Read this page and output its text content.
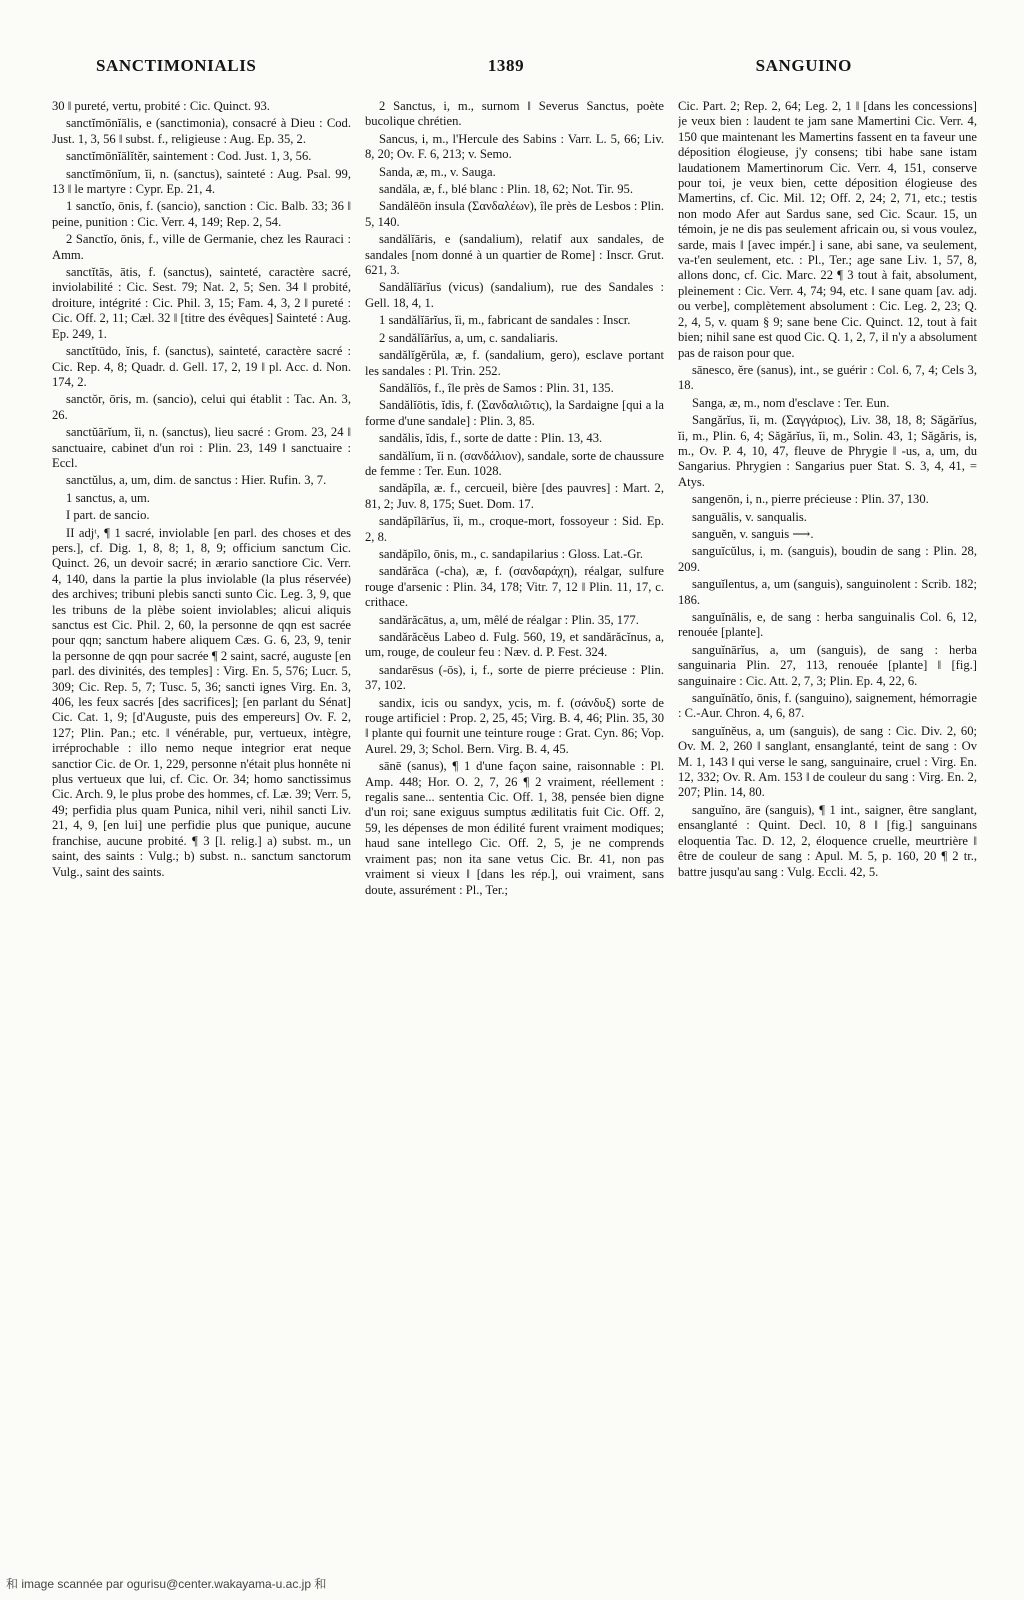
SANCTIMONIALIS	1389	SANGUINO

30 ‖ pureté, vertu, probité : Cic. Quinct. 93.

sanctĭmōnĭālis, e (sanctimonia), consacré à Dieu : Cod. Just. 1, 3, 56 ‖ subst. f., religieuse : Aug. Ep. 35, 2.

sanctĭmōnĭālĭtĕr, saintement : Cod. Just. 1, 3, 56.

sanctĭmōnĭum, ĭi, n. (sanctus), sainteté : Aug. Psal. 99, 13 ‖ le martyre : Cypr. Ep. 21, 4.

1 sanctĭo, ōnis, f. (sancio), sanction : Cic. Balb. 33; 36 ‖ peine, punition : Cic. Verr. 4, 149; Rep. 2, 54.

2 Sanctĭo, ōnis, f., ville de Germanie, chez les Rauraci : Amm.

sanctĭtās, ātis, f. (sanctus), sainteté, caractère sacré, inviolabilité : Cic. Sest. 79; Nat. 2, 5; Sen. 34 ‖ probité, droiture, intégrité : Cic. Phil. 3, 15; Fam. 4, 3, 2 ‖ pureté : Cic. Off. 2, 11; Cæl. 32 ‖ [titre des évêques] Sainteté : Aug. Ep. 249, 1.

sanctĭtūdo, ĭnis, f. (sanctus), sainteté, caractère sacré : Cic. Rep. 4, 8; Quadr. d. Gell. 17, 2, 19 ‖ pl. Acc. d. Non. 174, 2.

sanctŏr, ōris, m. (sancio), celui qui établit : Tac. An. 3, 26.

sanctŭārĭum, ĭi, n. (sanctus), lieu sacré : Grom. 23, 24 ‖ sanctuaire, cabinet d'un roi : Plin. 23, 149 ‖ sanctuaire : Eccl.

sanctŭlus, a, um, dim. de sanctus : Hier. Rufin. 3, 7.

1 sanctus, a, um.

I part. de sancio.

II adjᵗ, ¶ 1 sacré, inviolable [en parl. des choses et des pers.], cf. Dig. 1, 8, 8; 1, 8, 9; officium sanctum Cic. Quinct. 26, un devoir sacré; in ærario sanctiore Cic. Verr. 4, 140, dans la partie la plus inviolable (la plus réservée) des archives; tribuni plebis sancti sunto Cic. Leg. 3, 9, que les tribuns de la plèbe soient inviolables; alicui aliquis sanctus est Cic. Phil. 2, 60, la personne de qqn est sacrée pour qqn; sanctum habere aliquem Cæs. G. 6, 23, 9, tenir la personne de qqn pour sacrée ¶ 2 saint, sacré, auguste [en parl. des divinités, des temples] : Virg. En. 5, 576; Lucr. 5, 309; Cic. Rep. 5, 7; Tusc. 5, 36; sancti ignes Virg. En. 3, 406, les feux sacrés [des sacrifices]; [en parlant du Sénat] Cic. Cat. 1, 9; [d'Auguste, puis des empereurs] Ov. F. 2, 127; Plin. Pan.; etc. ‖ vénérable, pur, vertueux, intègre, irréprochable : illo nemo neque integrior erat neque sanctior Cic. de Or. 1, 229, personne n'était plus honnête ni plus vertueux que lui, cf. Cic. Or. 34; homo sanctissimus Cic. Arch. 9, le plus probe des hommes, cf. Læ. 39; Verr. 5, 49; perfidia plus quam Punica, nihil veri, nihil sancti Liv. 21, 4, 9, [en lui] une perfidie plus que punique, aucune franchise, aucune probité. ¶ 3 [l. relig.] a) subst. m., un saint, des saints : Vulg.; b) subst. n.. sanctum sanctorum Vulg., saint des saints.

2 Sanctus, i, m., surnom ‖ Severus Sanctus, poète bucolique chrétien.

Sancus, i, m., l'Hercule des Sabins : Varr. L. 5, 66; Liv. 8, 20; Ov. F. 6, 213; v. Semo.

Sanda, æ, m., v. Sauga.

sandăla, æ, f., blé blanc : Plin. 18, 62; Not. Tir. 95.

Sandălēōn insula (Σανδαλέων), île près de Lesbos : Plin. 5, 140.

sandălĭāris, e (sandalium), relatif aux sandales, de sandales [nom donné à un quartier de Rome] : Inscr. Grut. 621, 3.

Sandălĭārĭus (vicus) (sandalium), rue des Sandales : Gell. 18, 4, 1.

1 sandălĭārĭus, ĭi, m., fabricant de sandales : Inscr.

2 sandălĭārĭus, a, um, c. sandaliaris.

sandălĭgĕrŭla, æ, f. (sandalium, gero), esclave portant les sandales : Pl. Trin. 252.

Sandălĭōs, f., île près de Samos : Plin. 31, 135.

Sandălĭōtis, ĭdis, f. (Σανδαλιῶτις), la Sardaigne [qui a la forme d'une sandale] : Plin. 3, 85.

sandălis, ĭdis, f., sorte de datte : Plin. 13, 43.

sandălĭum, ĭi n. (σανδάλιον), sandale, sorte de chaussure de femme : Ter. Eun. 1028.

sandăpĭla, æ. f., cercueil, bière [des pauvres] : Mart. 2, 81, 2; Juv. 8, 175; Suet. Dom. 17.

sandăpĭlārĭus, ĭi, m., croque-mort, fossoyeur : Sid. Ep. 2, 8.

sandăpĭlo, ōnis, m., c. sandapilarius : Gloss. Lat.-Gr.

sandărăca (-cha), æ, f. (σανδαράχη), réalgar, sulfure rouge d'arsenic : Plin. 34, 178; Vitr. 7, 12 ‖ Plin. 11, 17, c. crithace.

sandărăcātus, a, um, mêlé de réalgar : Plin. 35, 177.

sandărăcĕus Labeo d. Fulg. 560, 19, et sandărăcĭnus, a, um, rouge, de couleur feu : Næv. d. P. Fest. 324.

sandarēsus (-ōs), i, f., sorte de pierre précieuse : Plin. 37, 102.

sandix, icis ou sandyx, ycis, m. f. (σάνδυξ) sorte de rouge artificiel : Prop. 2, 25, 45; Virg. B. 4, 46; Plin. 35, 30 ‖ plante qui fournit une teinture rouge : Grat. Cyn. 86; Vop. Aurel. 29, 3; Schol. Bern. Virg. B. 4, 45.

sānē (sanus), ¶ 1 d'une façon saine, raisonnable : Pl. Amp. 448; Hor. O. 2, 7, 26 ¶ 2 vraiment, réellement : regalis sane... sententia Cic. Off. 1, 38, pensée bien digne d'un roi; sane exiguus sumptus ædilitatis fuit Cic. Off. 2, 59, les dépenses de mon édilité furent vraiment modiques; haud sane intellego Cic. Off. 2, 5, je ne comprends vraiment pas; non ita sane vetus Cic. Br. 41, non pas vraiment si vieux ‖ [dans les rép.], oui vraiment, sans doute, assurément : Pl., Ter.;

Cic. Part. 2; Rep. 2, 64; Leg. 2, 1 ‖ [dans les concessions] je veux bien : laudent te jam sane Mamertini Cic. Verr. 4, 150 que maintenant les Mamertins fassent en ta faveur une déposition élogieuse, j'y consens; tibi habe sane istam laudationem Mamertinorum Cic. Verr. 4, 151, conserve pour toi, je veux bien, cette déposition élogieuse des Mamertins, cf. Cic. Mil. 12; Off. 2, 24; 2, 71, etc.; testis non modo Afer aut Sardus sane, sed Cic. Scaur. 15, un témoin, je ne dis pas seulement africain ou, si vous voulez, sarde, mais ‖ [avec impér.] i sane, abi sane, va seulement, va-t'en seulement, etc. : Pl., Ter.; age sane Liv. 1, 57, 8, allons donc, cf. Cic. Marc. 22 ¶ 3 tout à fait, absolument, pleinement : Cic. Verr. 4, 74; 94, etc. ‖ sane quam [av. adj. ou verbe], complètement absolument : Cic. Leg. 2, 23; Q. 2, 4, 5, v. quam § 9; sane bene Cic. Quinct. 12, tout à fait bien; nihil sane est quod Cic. Q. 1, 2, 7, il n'y a absolument pas de raison pour que.

sānesco, ĕre (sanus), int., se guérir : Col. 6, 7, 4; Cels 3, 18.

Sanga, æ, m., nom d'esclave : Ter. Eun.

Sangărĭus, ĭi, m. (Σαγγάριος), Liv. 38, 18, 8; Săgărĭus, ĭi, m., Plin. 6, 4; Săgărĭus, ĭi, m., Solin. 43, 1; Săgăris, is, m., Ov. P. 4, 10, 47, fleuve de Phrygie ‖ -us, a, um, du Sangarius. Phrygien : Sangarius puer Stat. S. 3, 4, 41, = Atys.

sangenōn, i, n., pierre précieuse : Plin. 37, 130.

sanguālis, v. sanqualis.

sanguĕn, v. sanguis ⟶.

sanguĭcŭlus, i, m. (sanguis), boudin de sang : Plin. 28, 209.

sanguĭlentus, a, um (sanguis), sanguinolent : Scrib. 182; 186.

sanguĭnālis, e, de sang : herba sanguinalis Col. 6, 12, renouée [plante].

sanguĭnārĭus, a, um (sanguis), de sang : herba sanguinaria Plin. 27, 113, renouée [plante] ‖ [fig.] sanguinaire : Cic. Att. 2, 7, 3; Plin. Ep. 4, 22, 6.

sanguĭnātĭo, ōnis, f. (sanguino), saignement, hémorragie : C.-Aur. Chron. 4, 6, 87.

sanguĭnĕus, a, um (sanguis), de sang : Cic. Div. 2, 60; Ov. M. 2, 260 ‖ sanglant, ensanglanté, teint de sang : Ov M. 1, 143 ‖ qui verse le sang, sanguinaire, cruel : Virg. En. 12, 332; Ov. R. Am. 153 ‖ de couleur du sang : Virg. En. 2, 207; Plin. 14, 80.

sanguĭno, āre (sanguis), ¶ 1 int., saigner, être sanglant, ensanglanté : Quint. Decl. 10, 8 ‖ [fig.] sanguinans eloquentia Tac. D. 12, 2, éloquence cruelle, meurtrière ‖ être de couleur de sang : Apul. M. 5, p. 160, 20 ¶ 2 tr., battre jusqu'au sang : Vulg. Eccli. 42, 5.

和 image scannée par ogurisu@center.wakayama-u.ac.jp 和
